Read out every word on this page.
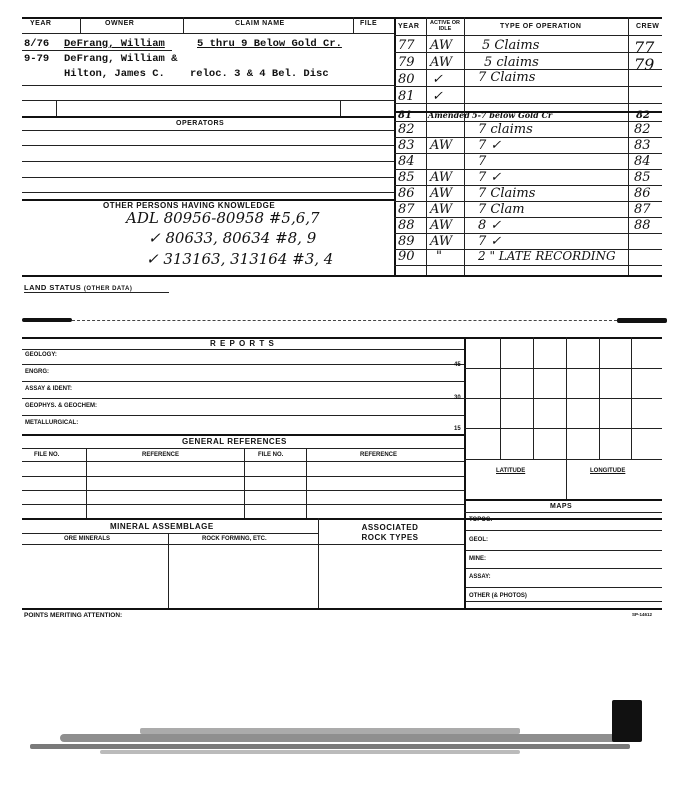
YEAR	OWNER	CLAIM NAME	FILE
8/76 DeFrang, William	5 thru 9 Below Gold Cr.
9-79 DeFrang, William &
Hilton, James C. reloc. 3 & 4 Bel. Disc
OPERATORS
OTHER PERSONS HAVING KNOWLEDGE
ADL 80956-80958 #5,6,7
✓ 80633, 80634 #8, 9
✓ 313163, 313164 #3, 4
YEAR	ACTIVE OR IDLE	TYPE OF OPERATION	CREW
77 AW 5 Claims	77
79 AW 5 claims	79
80 ✓	7 Claims
81 ✓
81 Amended 5-7 below Gold Cr	82
82	7 claims	82
83 AW 7 ✓	83
84	7	84
85 AW 7 ✓	85
86 AW 7 Claims	86
87 AW 7 Clam	87
88 AW 8 ✓	88
89 AW 7 ✓
90 "	2 " LATE RECORDING
LAND STATUS (OTHER DATA)
R E P O R T S
GEOLOGY:
ENGRG:
45
ASSAY & IDENT:
GEOPHYS. & GEOCHEM:
30
METALLURGICAL:
15
GENERAL REFERENCES
FILE NO.	REFERENCE	FILE NO.	REFERENCE
LATITUDE	LONGITUDE
MAPS
TOPOG.
GEOL:
MINE:
ASSAY:
OTHER (& PHOTOS)
MINERAL ASSEMBLAGE
ORE MINERALS	ROCK FORMING, ETC.
ASSOCIATED
ROCK TYPES
POINTS MERITING ATTENTION:	SP-14612
